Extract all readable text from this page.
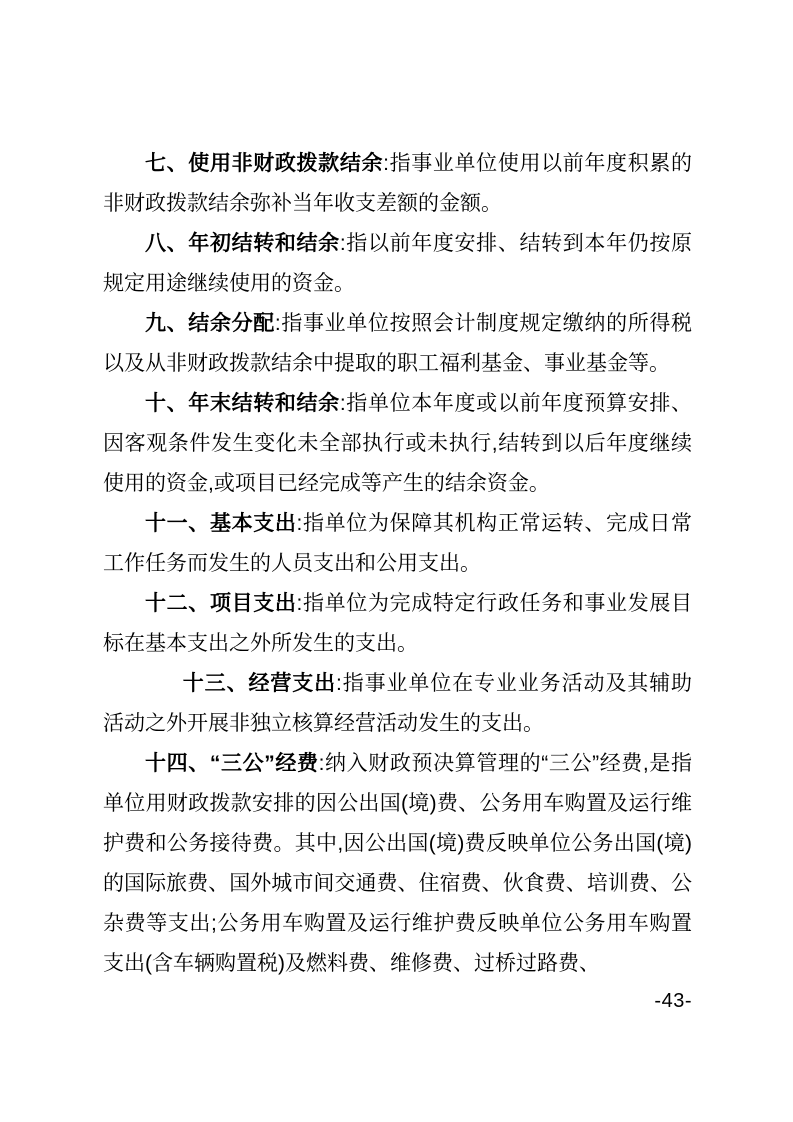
七、使用非财政拨款结余:指事业单位使用以前年度积累的非财政拨款结余弥补当年收支差额的金额。

八、年初结转和结余:指以前年度安排、结转到本年仍按原规定用途继续使用的资金。

九、结余分配:指事业单位按照会计制度规定缴纳的所得税以及从非财政拨款结余中提取的职工福利基金、事业基金等。

十、年末结转和结余:指单位本年度或以前年度预算安排、因客观条件发生变化未全部执行或未执行,结转到以后年度继续使用的资金,或项目已经完成等产生的结余资金。

十一、基本支出:指单位为保障其机构正常运转、完成日常工作任务而发生的人员支出和公用支出。

十二、项目支出:指单位为完成特定行政任务和事业发展目标在基本支出之外所发生的支出。

十三、经营支出:指事业单位在专业业务活动及其辅助活动之外开展非独立核算经营活动发生的支出。

十四、“三公”经费:纳入财政预决算管理的“三公”经费,是指单位用财政拨款安排的因公出国(境)费、公务用车购置及运行维护费和公务接待费。其中,因公出国(境)费反映单位公务出国(境)的国际旅费、国外城市间交通费、住宿费、伙食费、培训费、公杂费等支出;公务用车购置及运行维护费反映单位公务用车购置支出(含车辆购置税)及燃料费、维修费、过桥过路费、

-43-
